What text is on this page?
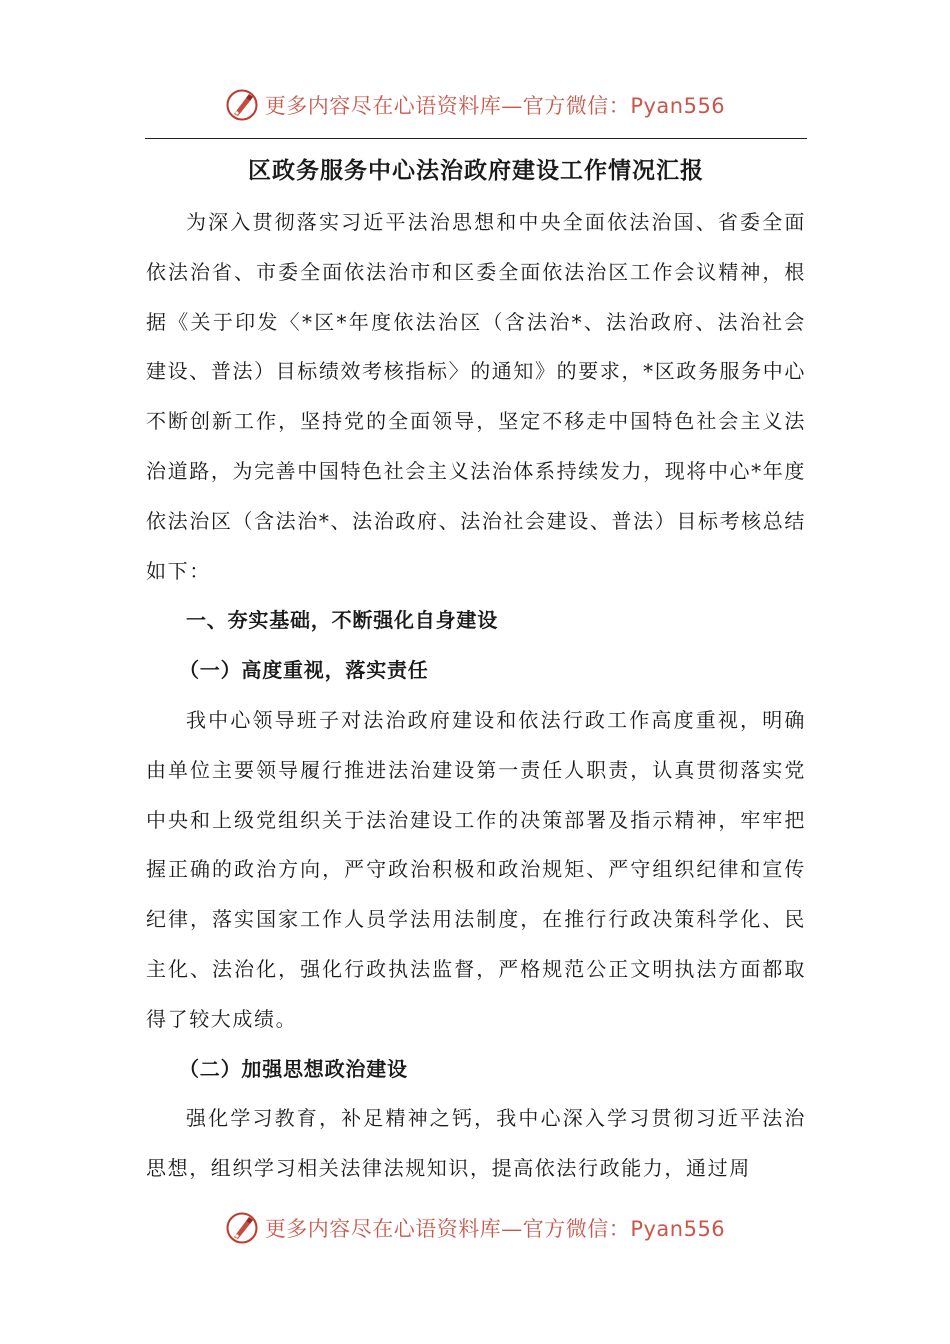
更多内容尽在心语资料库—官方微信：Pyan556
区政务服务中心法治政府建设工作情况汇报

为深入贯彻落实习近平法治思想和中央全面依法治国、省委全面依法治省、市委全面依法治市和区委全面依法治区工作会议精神，根据《关于印发〈*区*年度依法治区（含法治*、法治政府、法治社会建设、普法）目标绩效考核指标〉的通知》的要求，*区政务服务中心不断创新工作，坚持党的全面领导，坚定不移走中国特色社会主义法治道路，为完善中国特色社会主义法治体系持续发力，现将中心*年度依法治区（含法治*、法治政府、法治社会建设、普法）目标考核总结如下：

一、夯实基础，不断强化自身建设
（一）高度重视，落实责任

我中心领导班子对法治政府建设和依法行政工作高度重视，明确由单位主要领导履行推进法治建设第一责任人职责，认真贯彻落实党中央和上级党组织关于法治建设工作的决策部署及指示精神，牢牢把握正确的政治方向，严守政治积极和政治规矩、严守组织纪律和宣传纪律，落实国家工作人员学法用法制度，在推行行政决策科学化、民主化、法治化，强化行政执法监督，严格规范公正文明执法方面都取得了较大成绩。

（二）加强思想政治建设

强化学习教育，补足精神之钙，我中心深入学习贯彻习近平法治思想，组织学习相关法律法规知识，提高依法行政能力，通过周

更多内容尽在心语资料库—官方微信：Pyan556
